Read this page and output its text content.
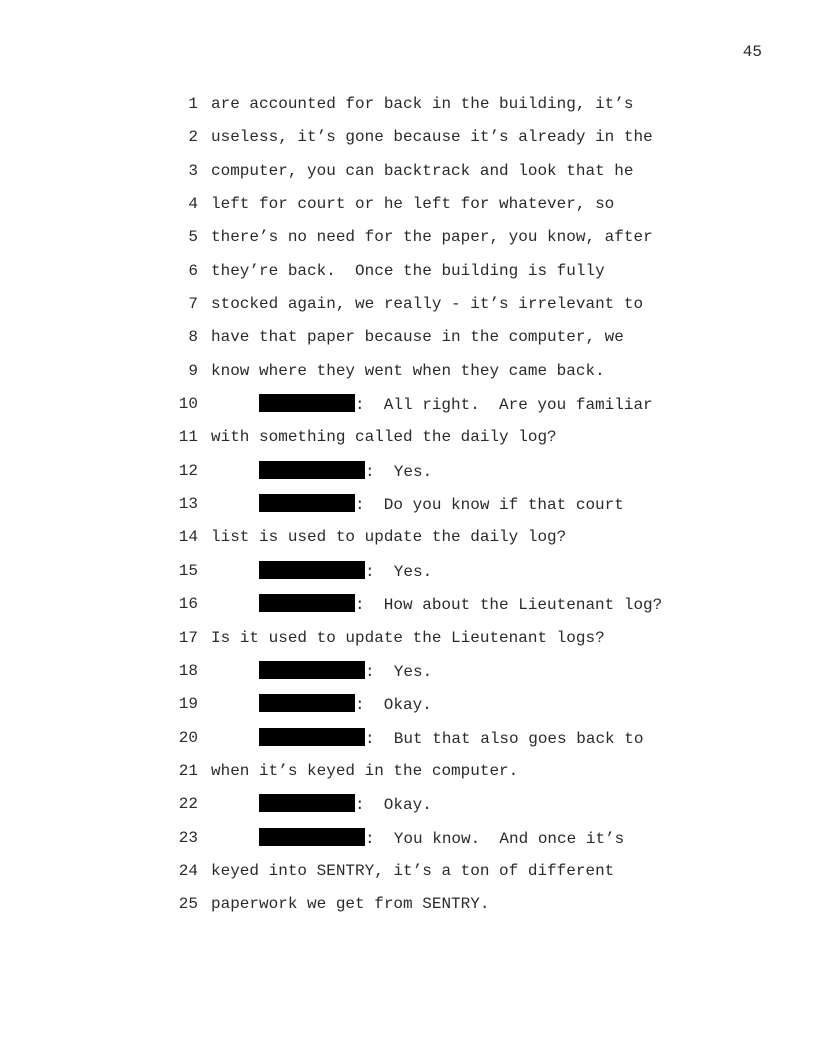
45

1

are accounted for back in the building, it’s

2

useless, it’s gone because it’s already in the

3

computer, you can backtrack and look that he

4

left for court or he left for whatever, so

5

there’s no need for the paper, you know, after

6

they’re back.  Once the building is fully

7

stocked again, we really - it’s irrelevant to

8

have that paper because in the computer, we

9

know where they went when they came back.

10

	:  All right.  Are you familiar

11

with something called the daily log?

12

	:  Yes.

13

	:  Do you know if that court

14

list is used to update the daily log?

15

	:  Yes.

16

	:  How about the Lieutenant log?

17

Is it used to update the Lieutenant logs?

18

	:  Yes.

19

	:  Okay.

20

	:  But that also goes back to

21

when it’s keyed in the computer.

22

	:  Okay.

23

	:  You know.  And once it’s

24

keyed into SENTRY, it’s a ton of different

25

paperwork we get from SENTRY.
